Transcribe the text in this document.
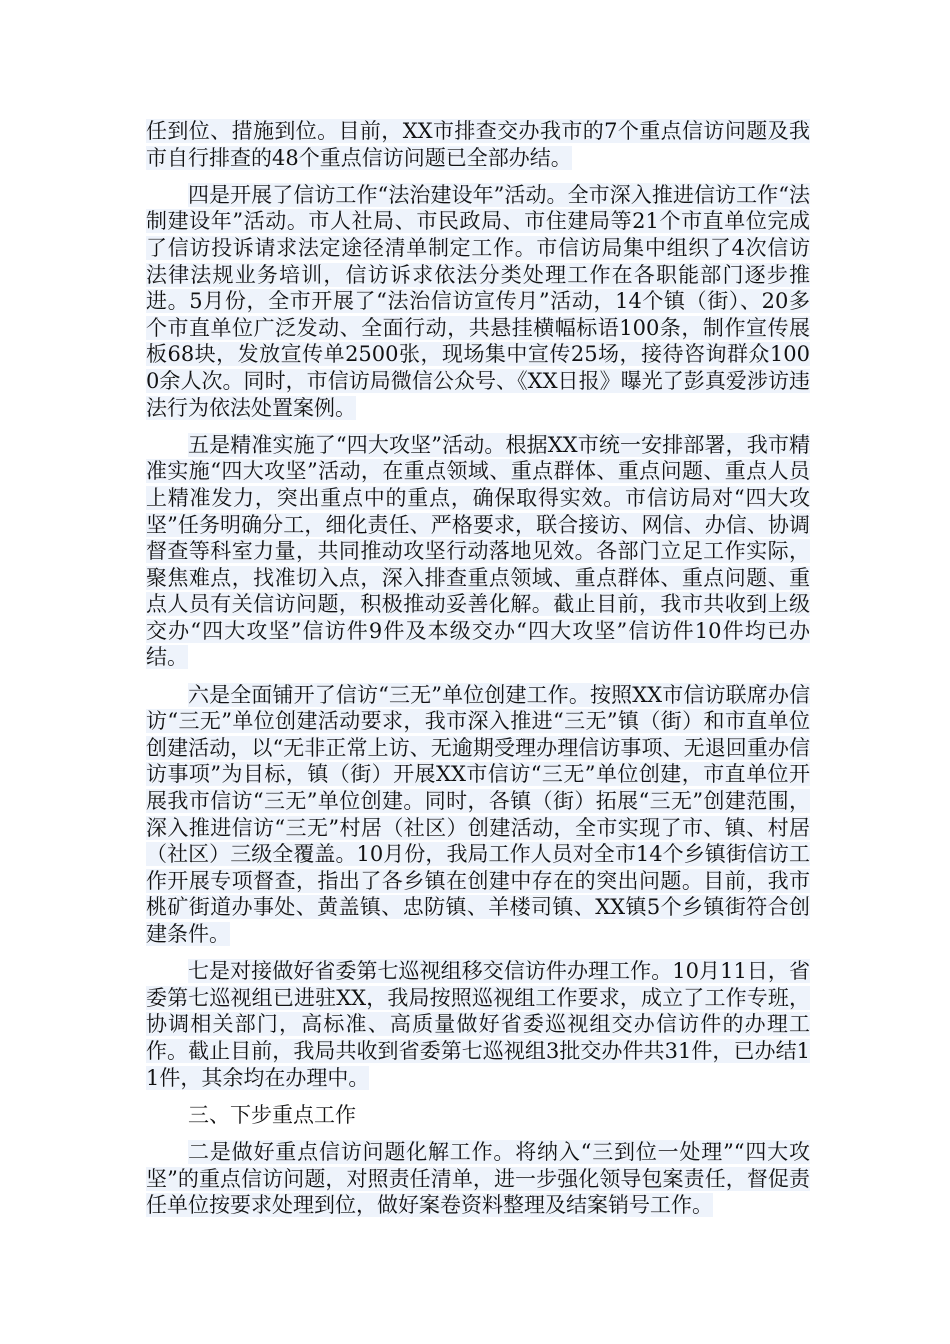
任到位、措施到位。目前，XX市排查交办我市的7个重点信访问题及我市自行排查的48个重点信访问题已全部办结。

四是开展了信访工作“法治建设年”活动。全市深入推进信访工作“法制建设年”活动。市人社局、市民政局、市住建局等21个市直单位完成了信访投诉请求法定途径清单制定工作。市信访局集中组织了4次信访法律法规业务培训，信访诉求依法分类处理工作在各职能部门逐步推进。5月份，全市开展了“法治信访宣传月”活动，14个镇（街）、20多个市直单位广泛发动、全面行动，共悬挂横幅标语100条，制作宣传展板68块，发放宣传单2500张，现场集中宣传25场，接待咨询群众1000余人次。同时，市信访局微信公众号、《XX日报》曝光了彭真爱涉访违法行为依法处置案例。

五是精准实施了“四大攻坚”活动。根据XX市统一安排部署，我市精准实施“四大攻坚”活动，在重点领域、重点群体、重点问题、重点人员上精准发力，突出重点中的重点，确保取得实效。市信访局对“四大攻坚”任务明确分工，细化责任、严格要求，联合接访、网信、办信、协调督查等科室力量，共同推动攻坚行动落地见效。各部门立足工作实际，聚焦难点，找准切入点，深入排查重点领域、重点群体、重点问题、重点人员有关信访问题，积极推动妥善化解。截止目前，我市共收到上级交办“四大攻坚”信访件9件及本级交办“四大攻坚”信访件10件均已办结。

六是全面铺开了信访“三无”单位创建工作。按照XX市信访联席办信访“三无”单位创建活动要求，我市深入推进“三无”镇（街）和市直单位创建活动，以“无非正常上访、无逾期受理办理信访事项、无退回重办信访事项”为目标，镇（街）开展XX市信访“三无”单位创建，市直单位开展我市信访“三无”单位创建。同时，各镇（街）拓展“三无”创建范围，深入推进信访“三无”村居（社区）创建活动，全市实现了市、镇、村居（社区）三级全覆盖。10月份，我局工作人员对全市14个乡镇街信访工作开展专项督查，指出了各乡镇在创建中存在的突出问题。目前，我市桃矿街道办事处、黄盖镇、忠防镇、羊楼司镇、XX镇5个乡镇街符合创建条件。

七是对接做好省委第七巡视组移交信访件办理工作。10月11日，省委第七巡视组已进驻XX，我局按照巡视组工作要求，成立了工作专班，协调相关部门，高标准、高质量做好省委巡视组交办信访件的办理工作。截止目前，我局共收到省委第七巡视组3批交办件共31件，已办结11件，其余均在办理中。

三、下步重点工作

二是做好重点信访问题化解工作。将纳入“三到位一处理”“四大攻坚”的重点信访问题，对照责任清单，进一步强化领导包案责任，督促责任单位按要求处理到位，做好案卷资料整理及结案销号工作。
